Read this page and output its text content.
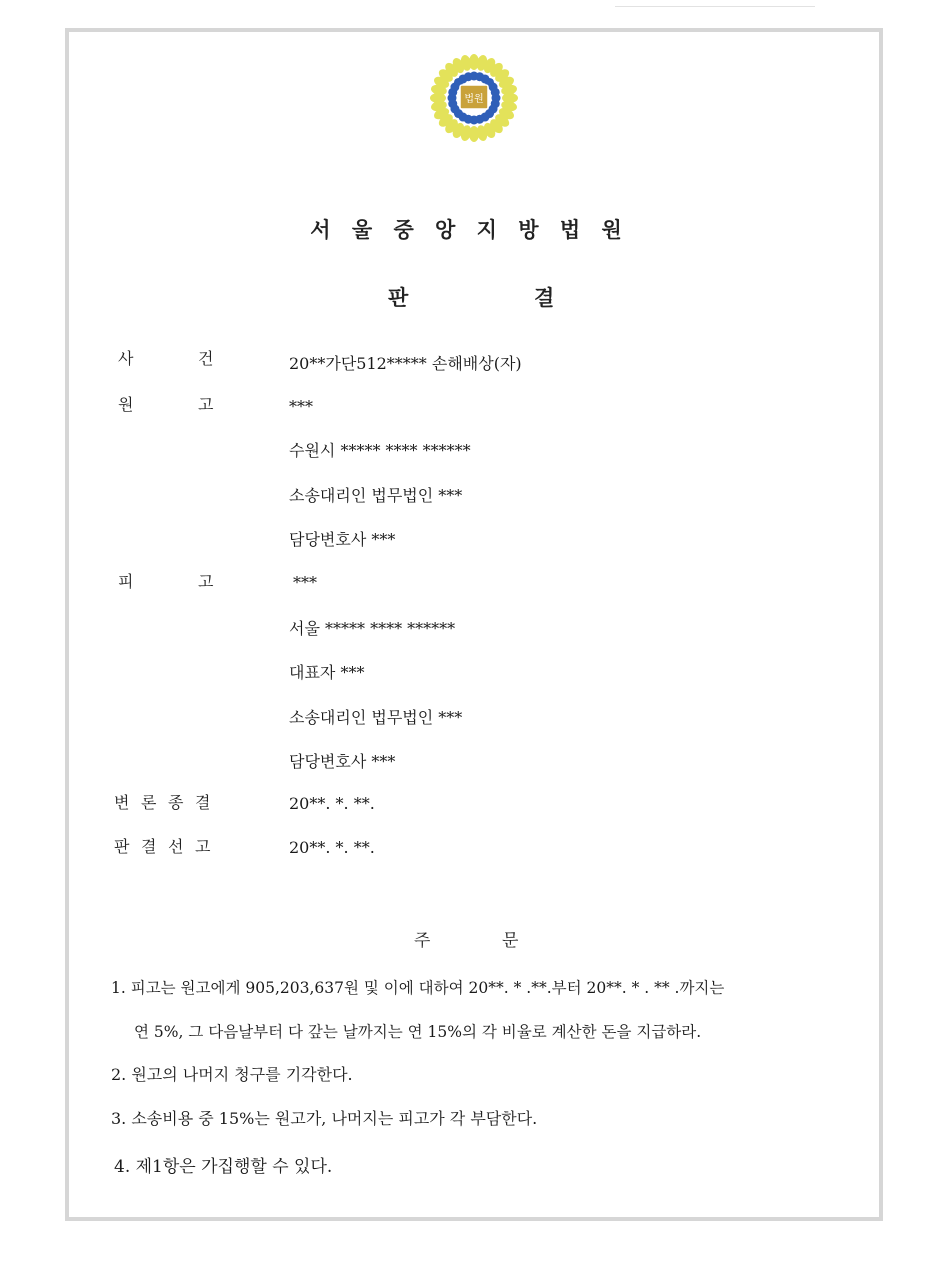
법원
서 울 중 앙 지 방 법 원
판	결
사	건	20**가단512***** 손해배상(자)
원	고	***
수원시 ***** **** ******
소송대리인 법무법인 ***
담당변호사 ***
피	고	***
서울 ***** **** ******
대표자 ***
소송대리인 법무법인 ***
담당변호사 ***
변 론 종 결	20**. *. **.
판 결 선 고	20**. *. **.
주	문
1. 피고는 원고에게 905,203,637원 및 이에 대하여 20**. * .**.부터 20**. * . ** .까지는
연 5%, 그 다음날부터 다 갚는 날까지는 연 15%의 각 비율로 계산한 돈을 지급하라.
2. 원고의 나머지 청구를 기각한다.
3. 소송비용 중 15%는 원고가, 나머지는 피고가 각 부담한다.
4. 제1항은 가집행할 수 있다.
